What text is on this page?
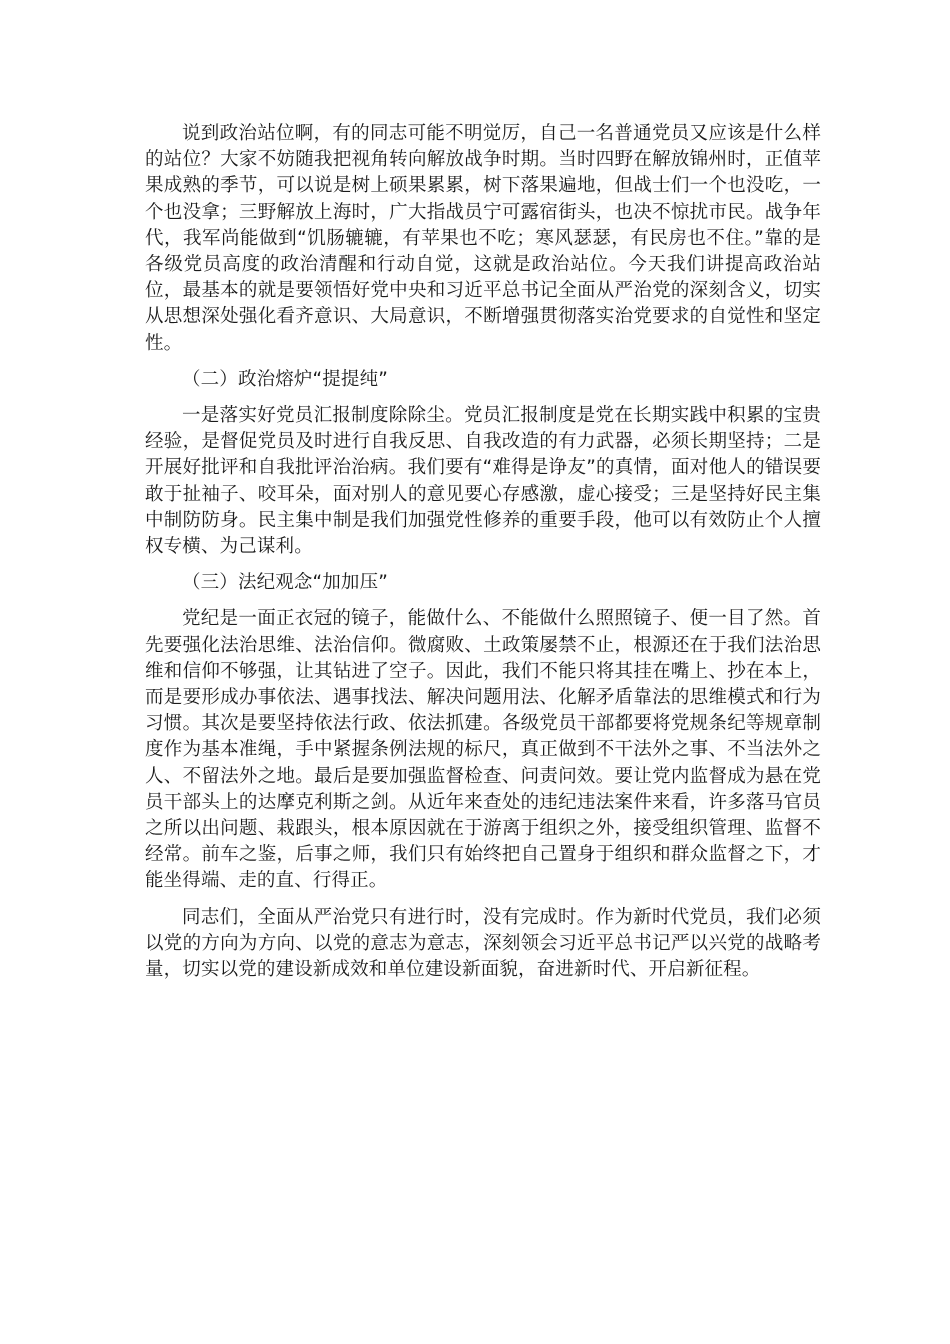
说到政治站位啊，有的同志可能不明觉厉，自己一名普通党员又应该是什么样的站位？大家不妨随我把视角转向解放战争时期。当时四野在解放锦州时，正值苹果成熟的季节，可以说是树上硕果累累，树下落果遍地，但战士们一个也没吃，一个也没拿；三野解放上海时，广大指战员宁可露宿街头，也决不惊扰市民。战争年代，我军尚能做到“饥肠辘辘，有苹果也不吃；寒风瑟瑟，有民房也不住。”靠的是各级党员高度的政治清醒和行动自觉，这就是政治站位。今天我们讲提高政治站位，最基本的就是要领悟好党中央和习近平总书记全面从严治党的深刻含义，切实从思想深处强化看齐意识、大局意识，不断增强贯彻落实治党要求的自觉性和坚定性。

（二）政治熔炉“提提纯”

一是落实好党员汇报制度除除尘。党员汇报制度是党在长期实践中积累的宝贵经验，是督促党员及时进行自我反思、自我改造的有力武器，必须长期坚持；二是开展好批评和自我批评治治病。我们要有“难得是诤友”的真情，面对他人的错误要敢于扯袖子、咬耳朵，面对别人的意见要心存感激，虚心接受；三是坚持好民主集中制防防身。民主集中制是我们加强党性修养的重要手段，他可以有效防止个人擅权专横、为己谋利。

（三）法纪观念“加加压”

党纪是一面正衣冠的镜子，能做什么、不能做什么照照镜子、便一目了然。首先要强化法治思维、法治信仰。微腐败、土政策屡禁不止，根源还在于我们法治思维和信仰不够强，让其钻进了空子。因此，我们不能只将其挂在嘴上、抄在本上，而是要形成办事依法、遇事找法、解决问题用法、化解矛盾靠法的思维模式和行为习惯。其次是要坚持依法行政、依法抓建。各级党员干部都要将党规条纪等规章制度作为基本准绳，手中紧握条例法规的标尺，真正做到不干法外之事、不当法外之人、不留法外之地。最后是要加强监督检查、问责问效。要让党内监督成为悬在党员干部头上的达摩克利斯之剑。从近年来查处的违纪违法案件来看，许多落马官员之所以出问题、栽跟头，根本原因就在于游离于组织之外，接受组织管理、监督不经常。前车之鉴，后事之师，我们只有始终把自己置身于组织和群众监督之下，才能坐得端、走的直、行得正。

同志们，全面从严治党只有进行时，没有完成时。作为新时代党员，我们必须以党的方向为方向、以党的意志为意志，深刻领会习近平总书记严以兴党的战略考量，切实以党的建设新成效和单位建设新面貌，奋进新时代、开启新征程。
